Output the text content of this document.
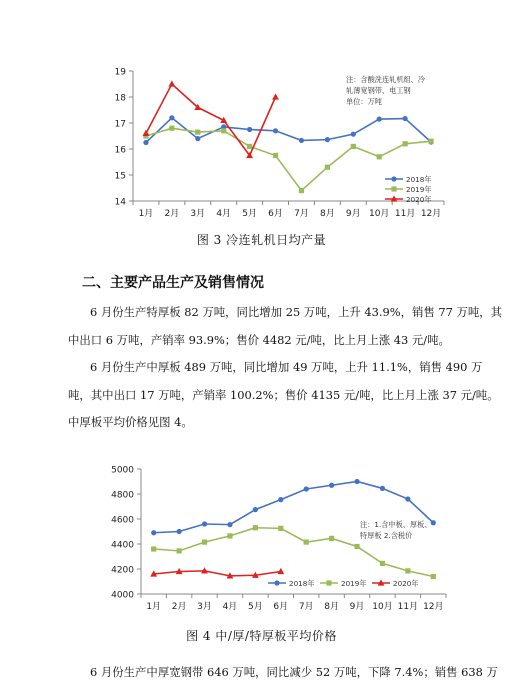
14
15
16
17
18
19
1月 2月 3月 4月 5月 6月 7月 8月 9月 10月 11月 12月
注：含酸洗连轧机组、冷
轧薄宽钢带、电工钢
单位：万吨
2018年
2019年
2020年
图 3 冷连轧机日均产量
二、主要产品生产及销售情况
6 月份生产特厚板 82 万吨，同比增加 25 万吨，上升 43.9%，销售 77 万吨，其中出口 6 万吨，产销率 93.9%；售价 4482 元/吨，比上月上涨 43 元/吨。
6 月份生产中厚板 489 万吨，同比增加 49 万吨，上升 11.1%，销售 490 万吨，其中出口 17 万吨，产销率 100.2%；售价 4135 元/吨，比上月上涨 37 元/吨。中厚板平均价格见图 4。
4000
4200
4400
4600
4800
5000
1月 2月 3月 4月 5月 6月 7月 8月 9月 10月 11月 12月
注：1.含中板、厚板、
特厚板 2.含税价
2018年	2019年	2020年
图 4 中/厚/特厚板平均价格
6 月份生产中厚宽钢带 646 万吨，同比减少 52 万吨，下降 7.4%；销售 638 万
